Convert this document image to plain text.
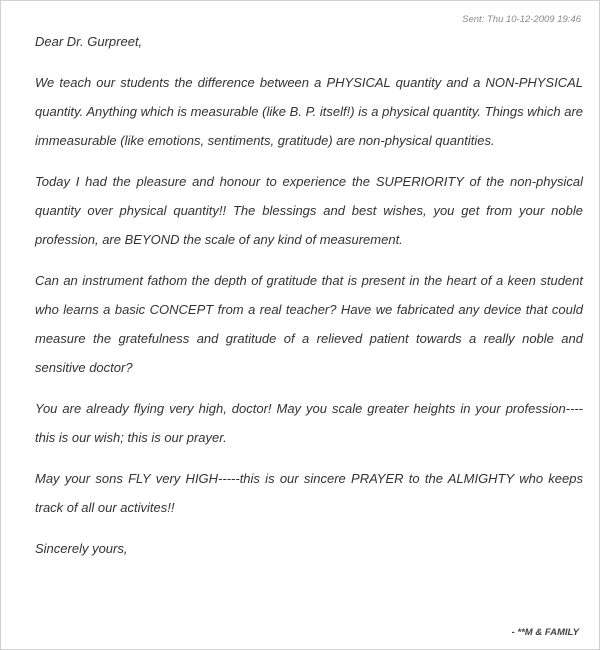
Sent: Thu 10-12-2009 19:46

Dear Dr. Gurpreet,

We teach our students the difference between a PHYSICAL quantity and a NON-PHYSICAL quantity. Anything which is measurable (like B. P. itself!) is a physical quantity. Things which are immeasurable (like emotions, sentiments, gratitude) are non-physical quantities.

Today I had the pleasure and honour to experience the SUPERIORITY of the non-physical quantity over physical quantity!! The blessings and best wishes, you get from your noble profession, are BEYOND the scale of any kind of measurement.

Can an instrument fathom the depth of gratitude that is present in the heart of a keen student who learns a basic CONCEPT from a real teacher? Have we fabricated any device that could measure the gratefulness and gratitude of a relieved patient towards a really noble and sensitive doctor?

You are already flying very high, doctor! May you scale greater heights in your profession----this is our wish; this is our prayer.

May your sons FLY very HIGH-----this is our sincere PRAYER to the ALMIGHTY who keeps track of all our activites!!

Sincerely yours,

- **M & FAMILY
